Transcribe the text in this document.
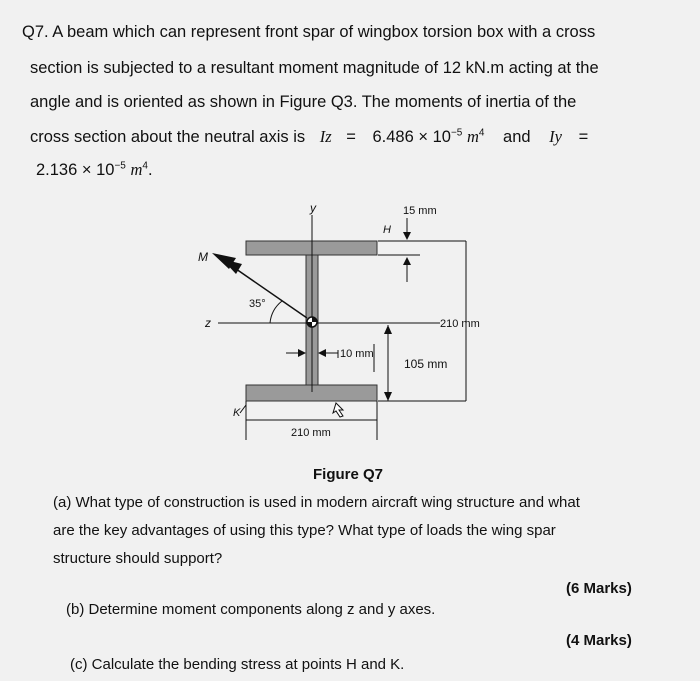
Q7. A beam which can represent front spar of wingbox torsion box with a cross
section is subjected to a resultant moment magnitude of 12 kN.m acting at the
angle and is oriented as shown in Figure Q3. The moments of inertia of the
cross section about the neutral axis is $Iz = 6.486 \times 10^{-5}$ $m^4$ and Iy =
$2.136 \times 10^{-5}$ $m^4$.
y
M
35°
z
H
K
15 mm
210 mm
10 mm
105 mm
210 mm
Figure Q7
(a) What type of construction is used in modern aircraft wing structure and what
are the key advantages of using this type? What type of loads the wing spar
structure should support?
(6 Marks)
(b) Determine moment components along z and y axes.
(4 Marks)
(c) Calculate the bending stress at points H and K.
